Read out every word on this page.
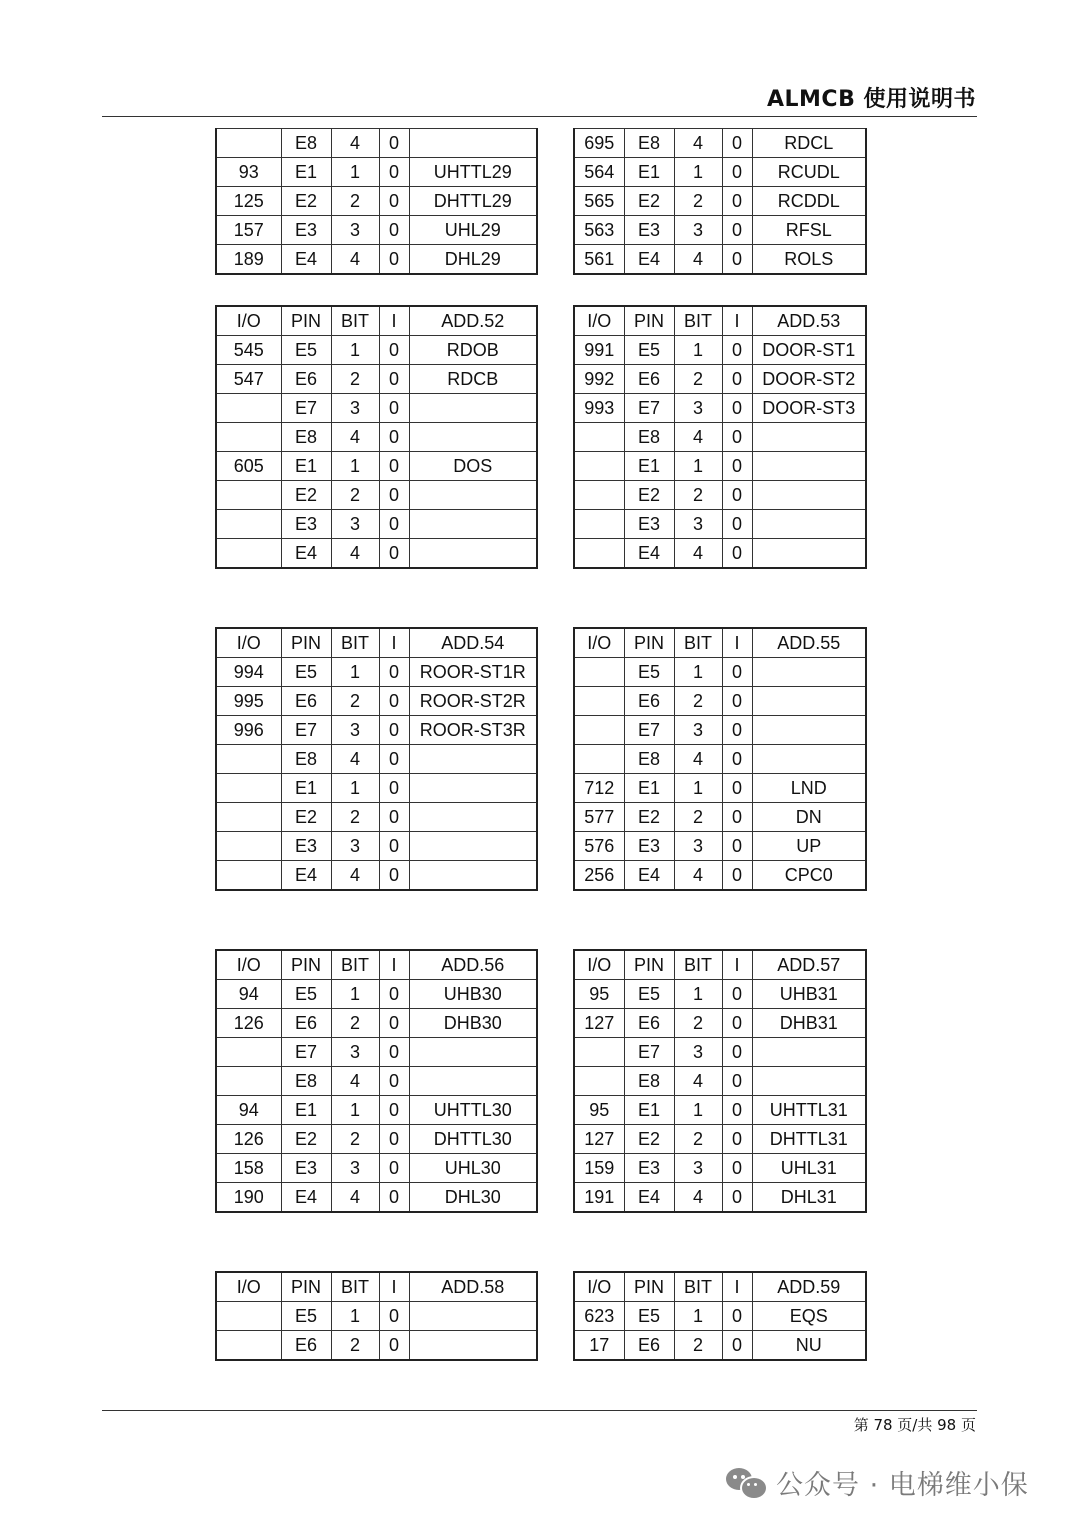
ALMCB 使用说明书
	E8	4	0	
93	E1	1	0	UHTTL29
125	E2	2	0	DHTTL29
157	E3	3	0	UHL29
189	E4	4	0	DHL29
695	E8	4	0	RDCL
564	E1	1	0	RCUDL
565	E2	2	0	RCDDL
563	E3	3	0	RFSL
561	E4	4	0	ROLS
I/O	PIN	BIT	I	ADD.52
545	E5	1	0	RDOB
547	E6	2	0	RDCB
	E7	3	0	
	E8	4	0	
605	E1	1	0	DOS
	E2	2	0	
	E3	3	0	
	E4	4	0	
I/O	PIN	BIT	I	ADD.53
991	E5	1	0	DOOR-ST1
992	E6	2	0	DOOR-ST2
993	E7	3	0	DOOR-ST3
	E8	4	0	
	E1	1	0	
	E2	2	0	
	E3	3	0	
	E4	4	0	
I/O	PIN	BIT	I	ADD.54
994	E5	1	0	ROOR-ST1R
995	E6	2	0	ROOR-ST2R
996	E7	3	0	ROOR-ST3R
	E8	4	0	
	E1	1	0	
	E2	2	0	
	E3	3	0	
	E4	4	0	
I/O	PIN	BIT	I	ADD.55
	E5	1	0	
	E6	2	0	
	E7	3	0	
	E8	4	0	
712	E1	1	0	LND
577	E2	2	0	DN
576	E3	3	0	UP
256	E4	4	0	CPC0
I/O	PIN	BIT	I	ADD.56
94	E5	1	0	UHB30
126	E6	2	0	DHB30
	E7	3	0	
	E8	4	0	
94	E1	1	0	UHTTL30
126	E2	2	0	DHTTL30
158	E3	3	0	UHL30
190	E4	4	0	DHL30
I/O	PIN	BIT	I	ADD.57
95	E5	1	0	UHB31
127	E6	2	0	DHB31
	E7	3	0	
	E8	4	0	
95	E1	1	0	UHTTL31
127	E2	2	0	DHTTL31
159	E3	3	0	UHL31
191	E4	4	0	DHL31
I/O	PIN	BIT	I	ADD.58
	E5	1	0	
	E6	2	0	
I/O	PIN	BIT	I	ADD.59
623	E5	1	0	EQS
17	E6	2	0	NU
第 78 页/共 98 页
公众号 · 电梯维小保
